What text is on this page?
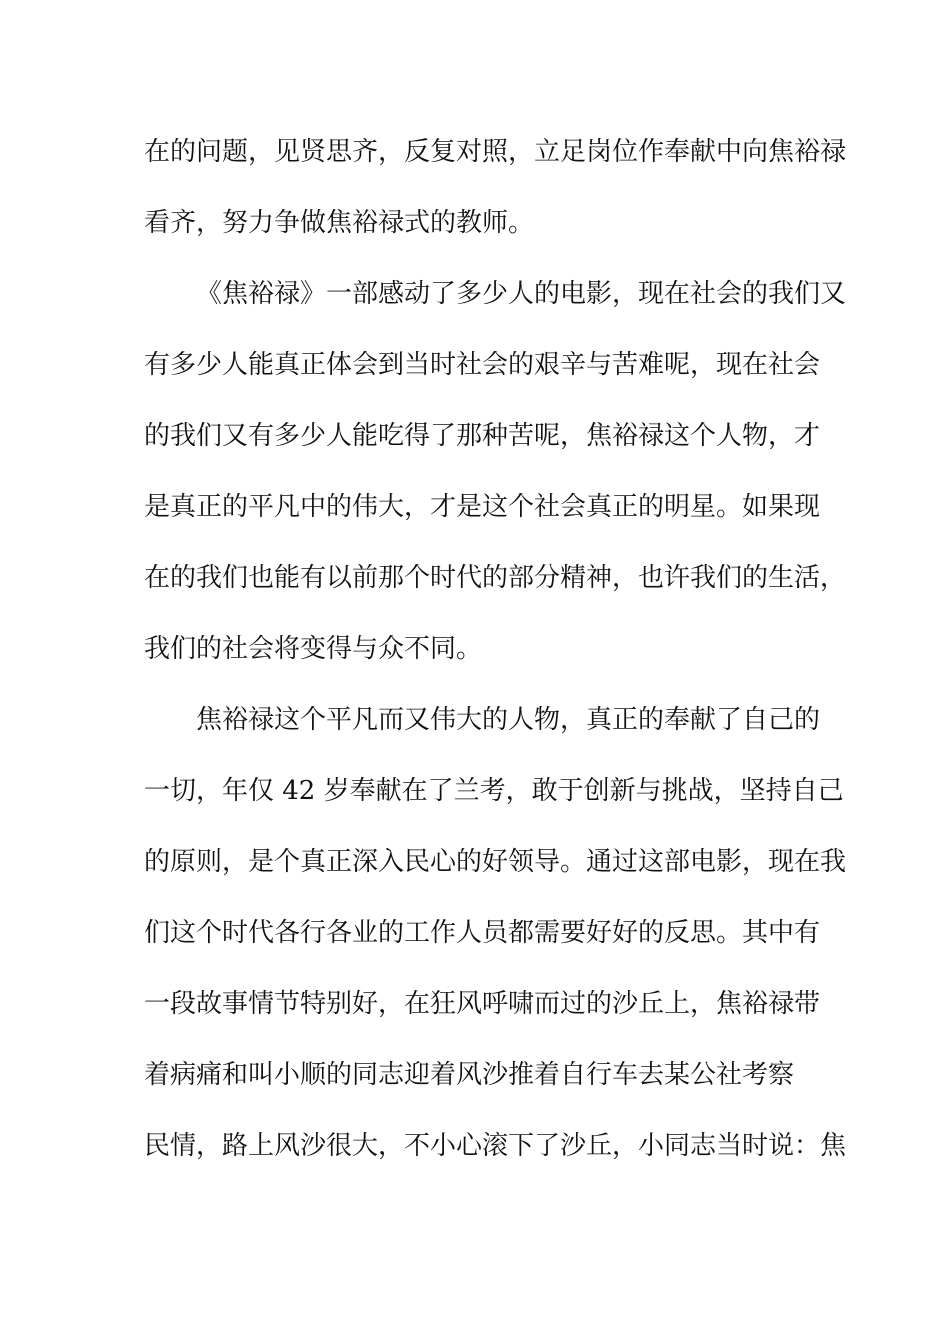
在的问题，见贤思齐，反复对照，立足岗位作奉献中向焦裕禄
看齐，努力争做焦裕禄式的教师。
《焦裕禄》一部感动了多少人的电影，现在社会的我们又
有多少人能真正体会到当时社会的艰辛与苦难呢，现在社会
的我们又有多少人能吃得了那种苦呢，焦裕禄这个人物，才
是真正的平凡中的伟大，才是这个社会真正的明星。如果现
在的我们也能有以前那个时代的部分精神，也许我们的生活，
我们的社会将变得与众不同。
焦裕禄这个平凡而又伟大的人物，真正的奉献了自己的
一切，年仅 42 岁奉献在了兰考，敢于创新与挑战，坚持自己
的原则，是个真正深入民心的好领导。通过这部电影，现在我
们这个时代各行各业的工作人员都需要好好的反思。其中有
一段故事情节特别好，在狂风呼啸而过的沙丘上，焦裕禄带
着病痛和叫小顺的同志迎着风沙推着自行车去某公社考察
民情，路上风沙很大，不小心滚下了沙丘，小同志当时说：焦
